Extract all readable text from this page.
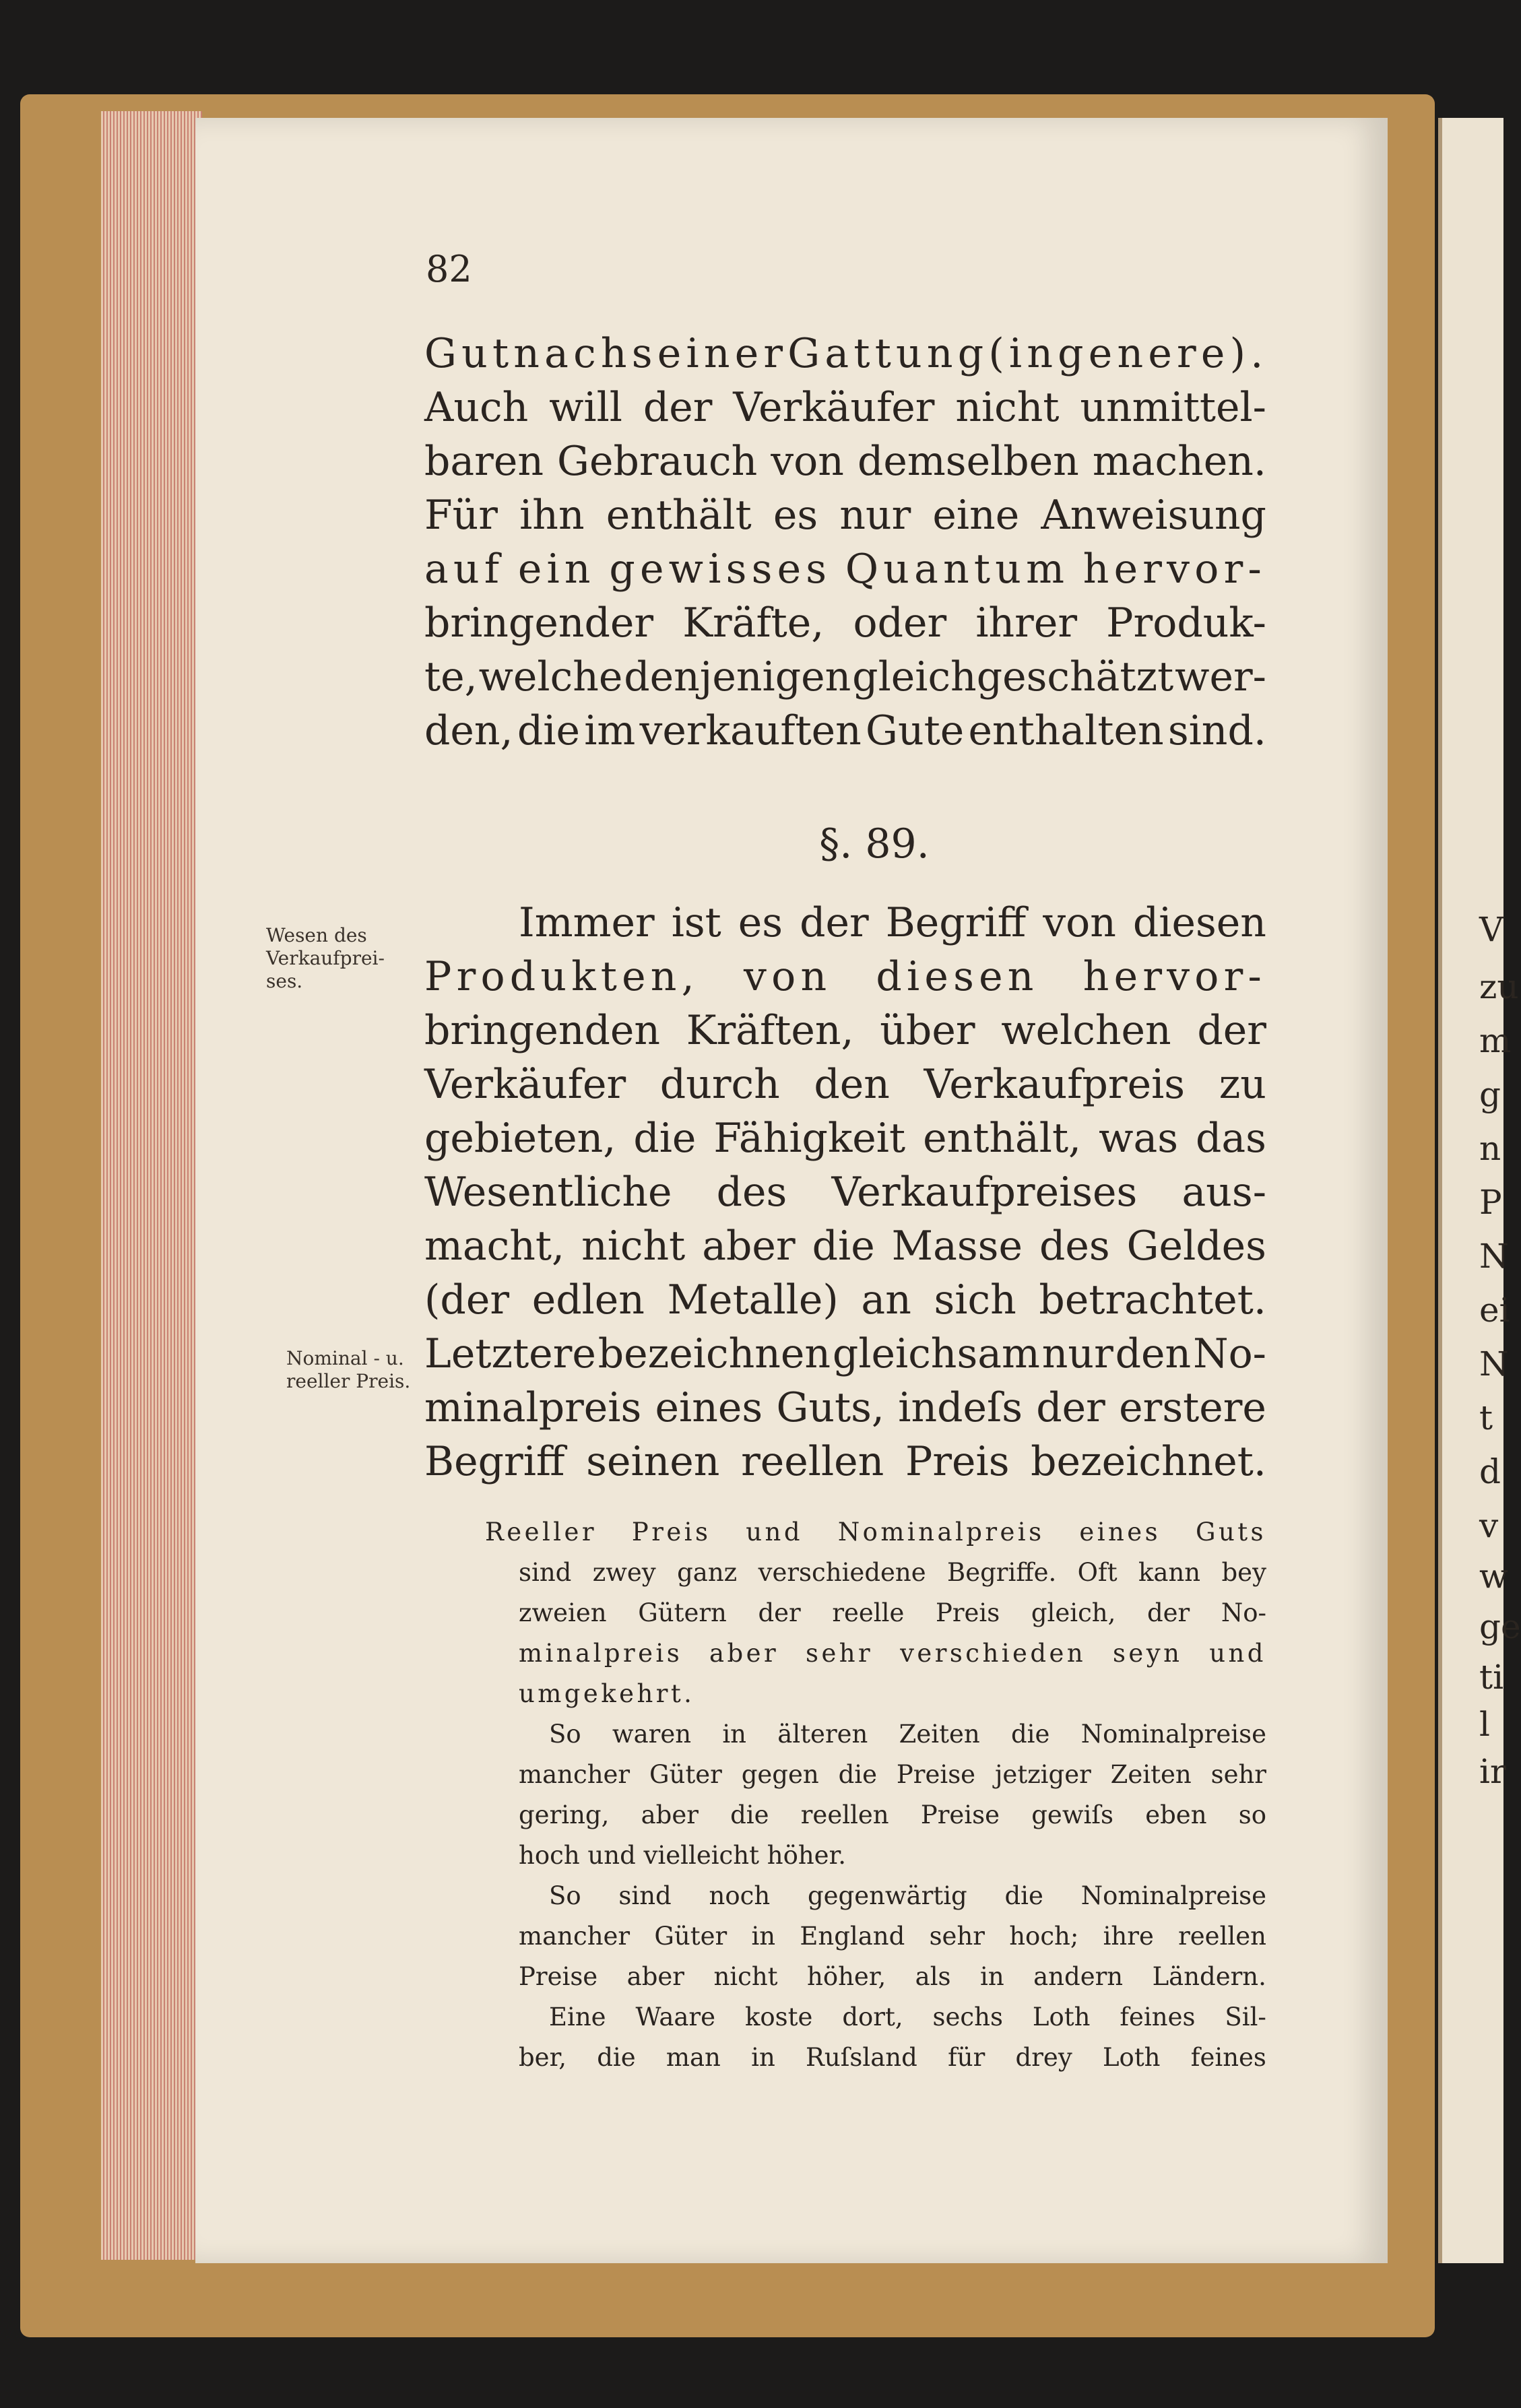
V
zu
m
g
n
P
N
ei
N
t
d
v
w
ge
ti
l
ir
82
Gut nach seiner Gattung (in genere).
Auch will der Verkäufer nicht unmittel-
baren Gebrauch von demselben machen.
Für ihn enthält es nur eine Anweisung
auf ein gewisses Quantum hervor-
bringender Kräfte, oder ihrer Produk-
te, welche denjenigen gleichgeschätzt wer-
den, die im verkauften Gute enthalten sind.
§. 89.
Wesen des
Verkaufprei-
ses.
Nominal - u.
reeller Preis.
Immer ist es der Begriff von diesen
Produkten, von diesen hervor-
bringenden Kräften, über welchen der
Verkäufer durch den Verkaufpreis zu
gebieten, die Fähigkeit enthält, was das
Wesentliche des Verkaufpreises aus-
macht, nicht aber die Masse des Geldes
(der edlen Metalle) an sich betrachtet.
Letztere bezeichnen gleichsam nur den No-
minalpreis eines Guts, indeſs der erstere
Begriff seinen reellen Preis bezeichnet.
Reeller Preis und Nominalpreis eines Guts
sind zwey ganz verschiedene Begriffe. Oft kann bey
zweien Gütern der reelle Preis gleich, der No-
minalpreis aber sehr verschieden seyn und
umgekehrt.
So waren in älteren Zeiten die Nominalpreise
mancher Güter gegen die Preise jetziger Zeiten sehr
gering, aber die reellen Preise gewiſs eben so
hoch und vielleicht höher.
So sind noch gegenwärtig die Nominalpreise
mancher Güter in England sehr hoch; ihre reellen
Preise aber nicht höher, als in andern Ländern.
Eine Waare koste dort, sechs Loth feines Sil-
ber, die man in Ruſsland für drey Loth feines
